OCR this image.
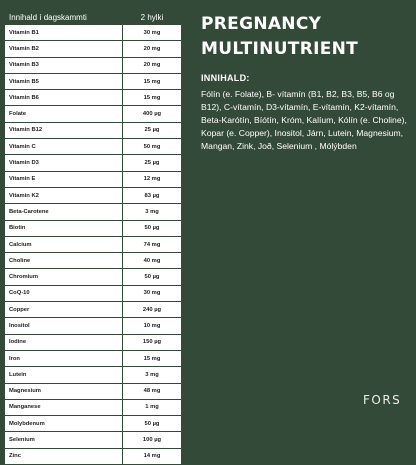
Innihald í dagskammti	2 hylki
Vitamin B1	30 mg
Vitamin B2	20 mg
Vitamin B3	20 mg
Vitamin B5	15 mg
Vitamin B6	15 mg
Folate	400 µg
Vitamin B12	25 µg
Vitamin C	50 mg
Vitamin D3	25 µg
Vitamin E	12 mg
Vitamin K2	83 µg
Beta-Carotene	3 mg
Biotin	50 µg
Calcium	74 mg
Choline	40 mg
Chromium	50 µg
CoQ-10	30 mg
Copper	240 µg
Inositol	10 mg
Iodine	150 µg
Iron	15 mg
Lutein	3 mg
Magnesium	48 mg
Manganese	1 mg
Molybdenum	50 µg
Selenium	100 µg
Zinc	14 mg
PREGNANCY
MULTINUTRIENT
INNIHALD:
Fólín (e. Folate), B- vítamín (B1, B2, B3, B5, B6 og B12), C-vítamín, D3-vítamín, E-vítamín, K2-vítamín, Beta-Karótín, Bíótín, Króm, Kalíum, Kólín (e. Choline), Kopar (e. Copper), Inositol, Járn, Lutein, Magnesium, Mangan, Zink, Joð, Selenium , Mólýbden
FORS
